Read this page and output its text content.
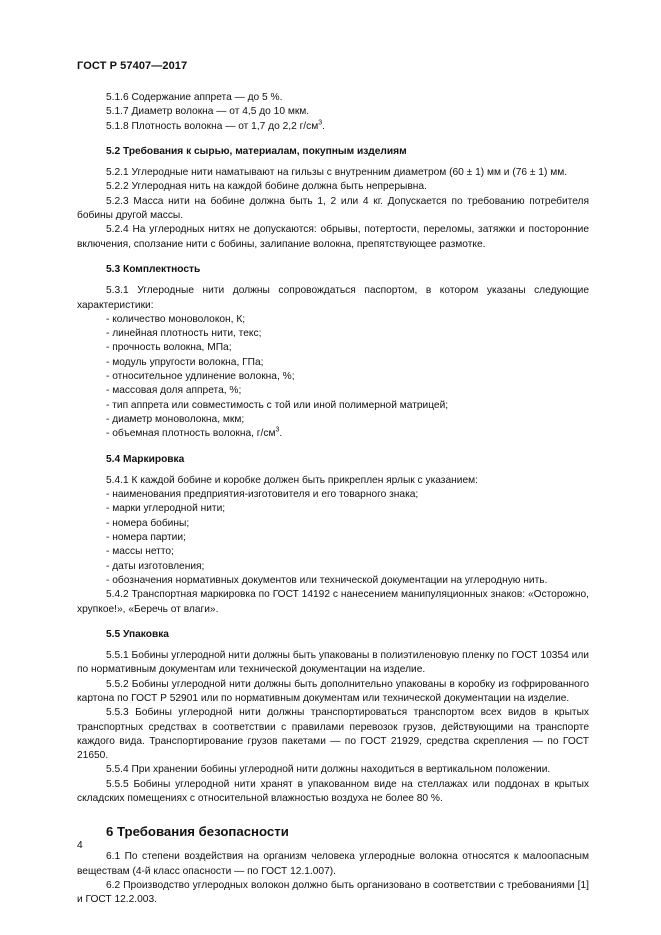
ГОСТ Р 57407—2017
5.1.6 Содержание аппрета — до 5 %.
5.1.7 Диаметр волокна — от 4,5 до 10 мкм.
5.1.8 Плотность волокна — от 1,7 до 2,2 $г/см^3$.
5.2 Требования к сырью, материалам, покупным изделиям
5.2.1 Углеродные нити наматывают на гильзы с внутренним диаметром (60 ± 1) мм и (76 ± 1) мм.
5.2.2 Углеродная нить на каждой бобине должна быть непрерывна.
5.2.3 Масса нити на бобине должна быть 1, 2 или 4 кг. Допускается по требованию потребителя бобины другой массы.
5.2.4 На углеродных нитях не допускаются: обрывы, потертости, переломы, затяжки и посторонние включения, сползание нити с бобины, залипание волокна, препятствующее размотке.
5.3 Комплектность
5.3.1 Углеродные нити должны сопровождаться паспортом, в котором указаны следующие характеристики:
- количество моноволокон, К;
- линейная плотность нити, текс;
- прочность волокна, МПа;
- модуль упругости волокна, ГПа;
- относительное удлинение волокна, %;
- массовая доля аппрета, %;
- тип аппрета или совместимость с той или иной полимерной матрицей;
- диаметр моноволокна, мкм;
- объемная плотность волокна, $г/см^3$.
5.4 Маркировка
5.4.1 К каждой бобине и коробке должен быть прикреплен ярлык с указанием:
- наименования предприятия-изготовителя и его товарного знака;
- марки углеродной нити;
- номера бобины;
- номера партии;
- массы нетто;
- даты изготовления;
- обозначения нормативных документов или технической документации на углеродную нить.
5.4.2 Транспортная маркировка по ГОСТ 14192 с нанесением манипуляционных знаков: «Осторожно, хрупкое!», «Беречь от влаги».
5.5 Упаковка
5.5.1 Бобины углеродной нити должны быть упакованы в полиэтиленовую пленку по ГОСТ 10354 или по нормативным документам или технической документации на изделие.
5.5.2 Бобины углеродной нити должны быть дополнительно упакованы в коробку из гофрированного картона по ГОСТ Р 52901 или по нормативным документам или технической документации на изделие.
5.5.3 Бобины углеродной нити должны транспортироваться транспортом всех видов в крытых транспортных средствах в соответствии с правилами перевозок грузов, действующими на транспорте каждого вида. Транспортирование грузов пакетами — по ГОСТ 21929, средства скрепления — по ГОСТ 21650.
5.5.4 При хранении бобины углеродной нити должны находиться в вертикальном положении.
5.5.5 Бобины углеродной нити хранят в упакованном виде на стеллажах или поддонах в крытых складских помещениях с относительной влажностью воздуха не более 80 %.
6 Требования безопасности
6.1 По степени воздействия на организм человека углеродные волокна относятся к малоопасным веществам (4-й класс опасности — по ГОСТ 12.1.007).
6.2 Производство углеродных волокон должно быть организовано в соответствии с требованиями [1] и ГОСТ 12.2.003.
4
